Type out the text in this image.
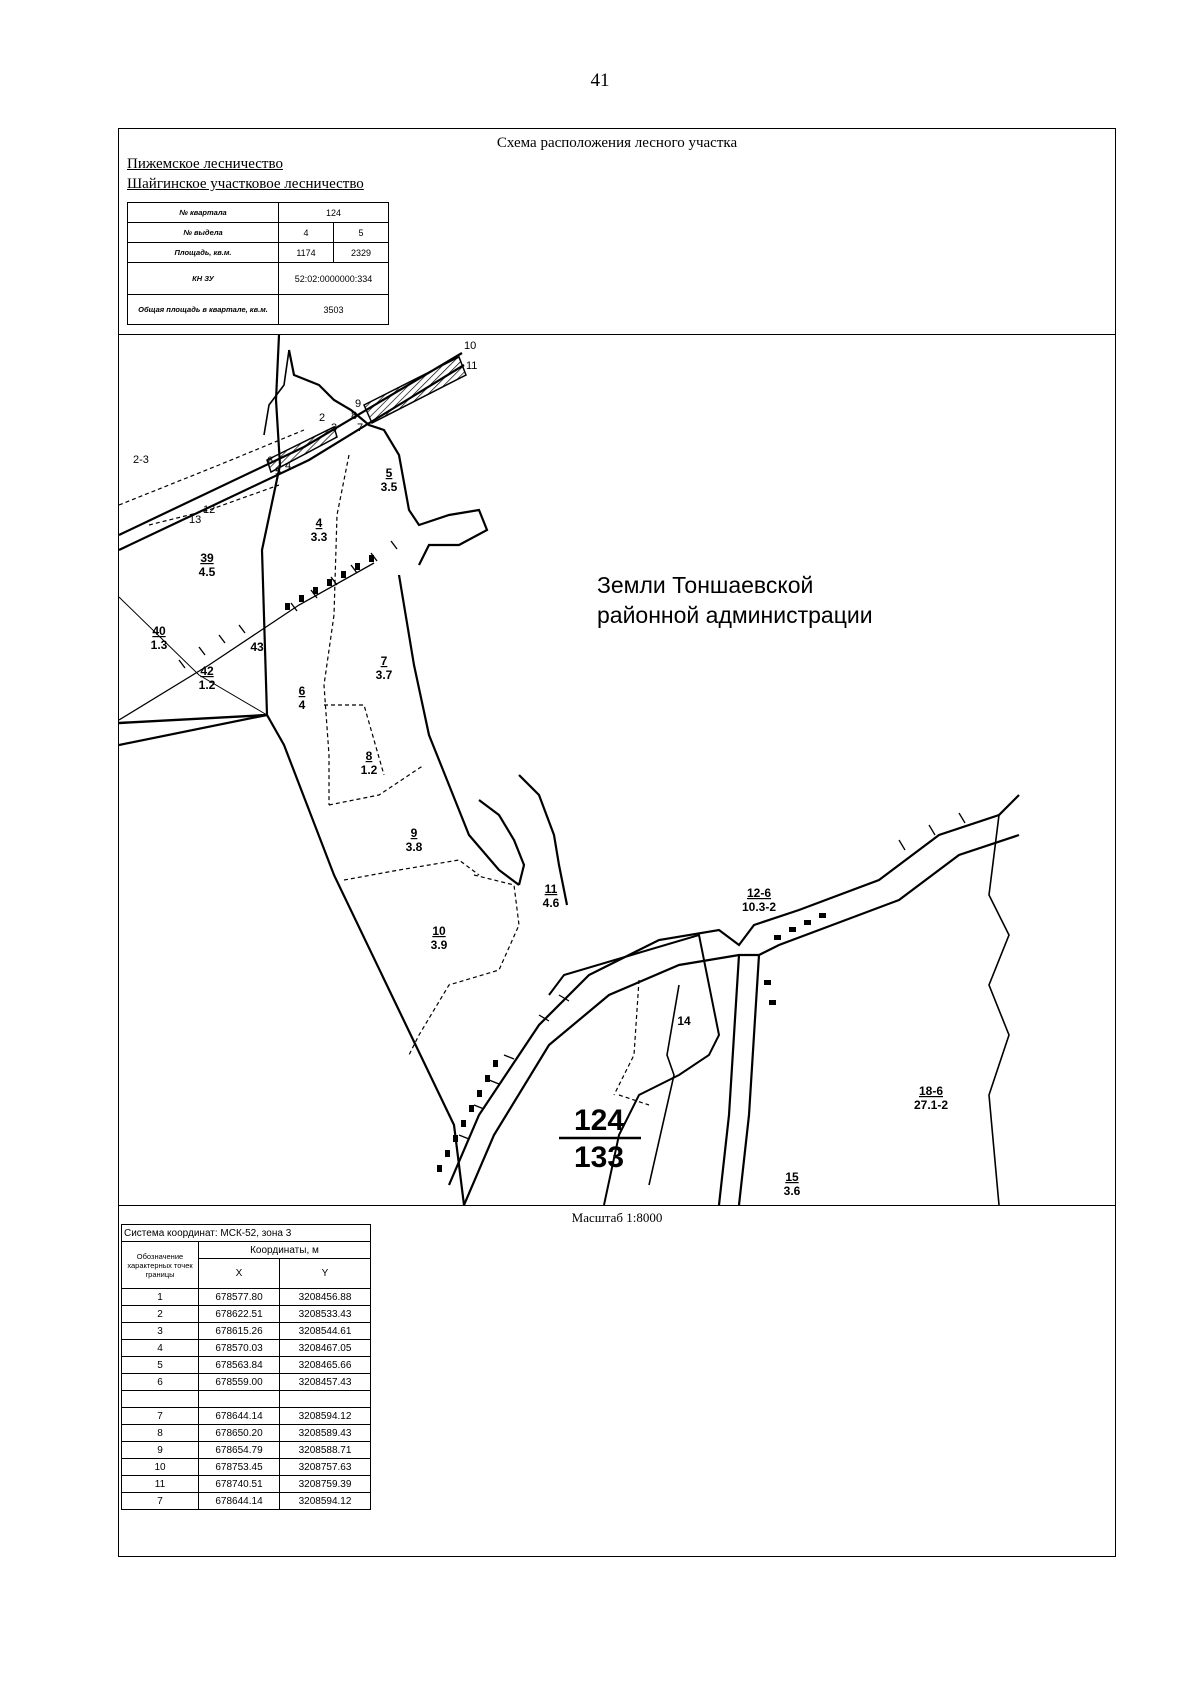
41
Схема расположения лесного участка
Пижемское лесничество
Шайгинское участковое лесничество
№ квартала	124	
№ выдела	4	5
Площадь, кв.м.	1174	2329
КН ЗУ	52:02:0000000:334	
Общая площадь в квартале, кв.м.	3503	
10
11
9
8
7
2
3
6
5 4
2-3
13
12
5
3.5
4
3.3
39
4.5
40
1.3	43
42
1.2	6
4
7
3.7
8
1.2
9
3.8
11
4.6
10
3.9
12-6
10.3-2
14
15
3.6
18-6
27.1-2
124
133
Земли Тоншаевской
районной администрации
Масштаб 1:8000
Система координат: МСК-52, зона 3		
Обозначение характерных точек границы	Координаты, м	
	X	Y
1	678577.80	3208456.88
2	678622.51	3208533.43
3	678615.26	3208544.61
4	678570.03	3208467.05
5	678563.84	3208465.66
6	678559.00	3208457.43

7	678644.14	3208594.12
8	678650.20	3208589.43
9	678654.79	3208588.71
10	678753.45	3208757.63
11	678740.51	3208759.39
7	678644.14	3208594.12
